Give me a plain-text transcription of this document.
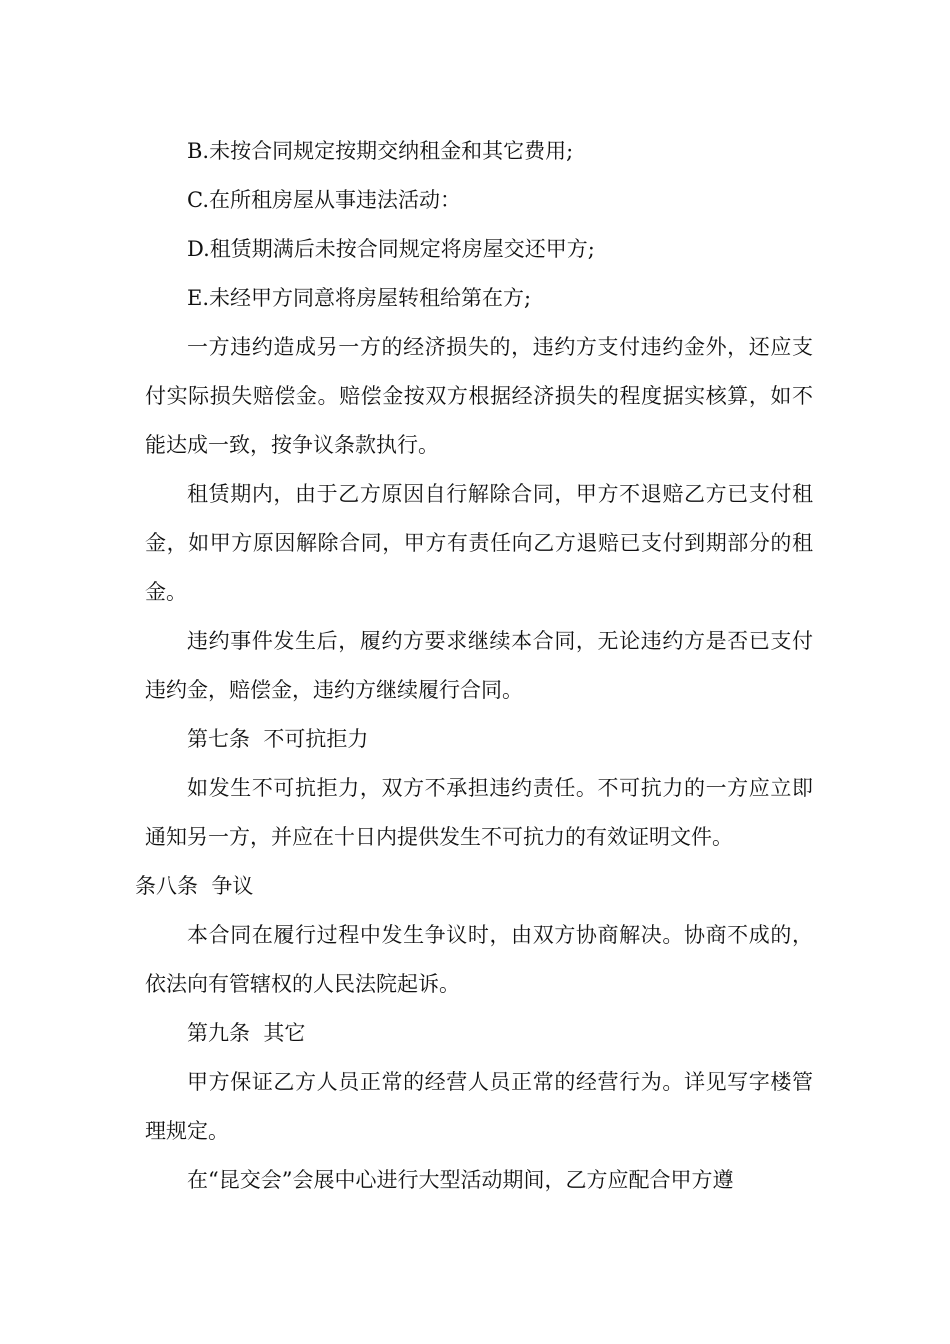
B.未按合同规定按期交纳租金和其它费用;

C.在所租房屋从事违法活动：

D.租赁期满后未按合同规定将房屋交还甲方;

E.未经甲方同意将房屋转租给第在方;

一方违约造成另一方的经济损失的，违约方支付违约金外，还应支付实际损失赔偿金。赔偿金按双方根据经济损失的程度据实核算，如不能达成一致，按争议条款执行。

租赁期内，由于乙方原因自行解除合同，甲方不退赔乙方已支付租金，如甲方原因解除合同，甲方有责任向乙方退赔已支付到期部分的租金。

违约事件发生后，履约方要求继续本合同，无论违约方是否已支付违约金，赔偿金，违约方继续履行合同。

第七条  不可抗拒力

如发生不可抗拒力，双方不承担违约责任。不可抗力的一方应立即通知另一方，并应在十日内提供发生不可抗力的有效证明文件。

条八条  争议

本合同在履行过程中发生争议时，由双方协商解决。协商不成的，依法向有管辖权的人民法院起诉。

第九条  其它

甲方保证乙方人员正常的经营人员正常的经营行为。详见写字楼管理规定。

在“昆交会”会展中心进行大型活动期间，乙方应配合甲方遵
